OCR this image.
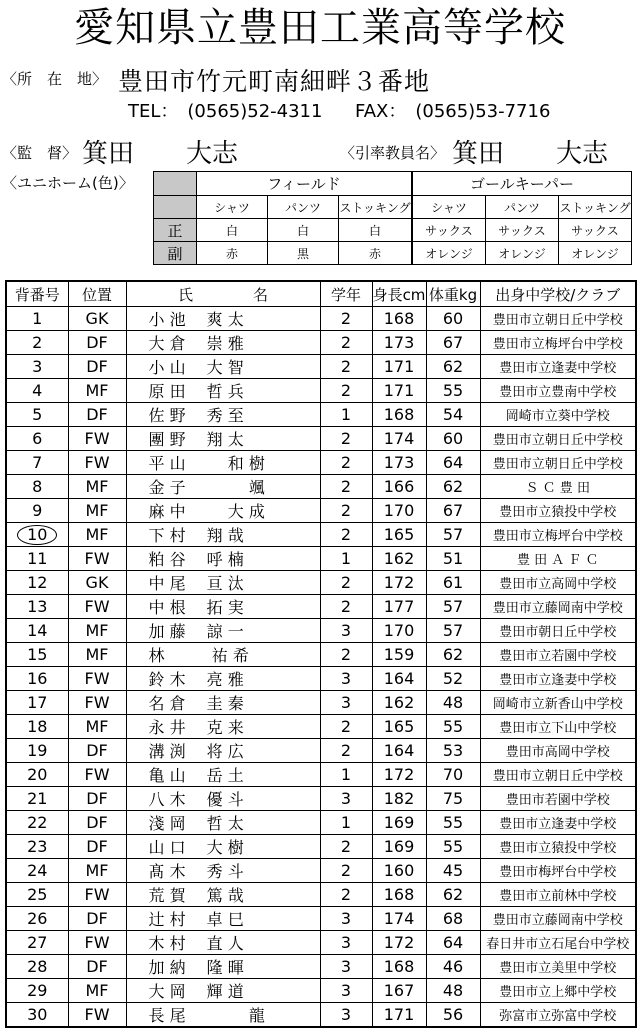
愛知県立豊田工業高等学校
〈所　在　地〉 豊田市竹元町南細畔３番地
TEL：　(0565)52-4311 FAX：　(0565)53-7716
〈監　督〉 箕田　　大志	〈引率教員名〉 箕田　　大志
〈ユニホーム(色)〉
		フィールド			ゴールキーパー		
	シャツ	パンツ	ストッキング	シャツ	パンツ	ストッキング
正	白	白	白	サックス	サックス	サックス
副	赤	黒	赤	オレンジ	オレンジ	オレンジ
背番号	位置	氏　　　　名	学年	身長cm	体重kg	出身中学校/クラブ
1	GK	小 池　 爽 太	2	168	60	豊田市立朝日丘中学校
2	DF	大 倉　 崇 雅	2	173	67	豊田市立梅坪台中学校
3	DF	小 山　 大 智	2	171	62	豊田市立逢妻中学校
4	MF	原 田　 哲 兵	2	171	55	豊田市立豊南中学校
5	DF	佐 野　 秀 至	1	168	54	岡崎市立葵中学校
6	FW	團 野　 翔 太	2	174	60	豊田市立朝日丘中学校
7	FW	平 山　 　 和 樹	2	173	64	豊田市立朝日丘中学校
8	MF	金 子　 　 　 颯	2	166	62	Ｓ Ｃ 豊 田
9	MF	麻 中　 　 大 成	2	170	67	豊田市立猿投中学校
10	MF	下 村　 翔 哉	2	165	57	豊田市立梅坪台中学校
11	FW	粕 谷　 呼 楠	1	162	51	豊 田 Ａ Ｆ Ｃ
12	GK	中 尾　 亘 汰	2	172	61	豊田市立高岡中学校
13	FW	中 根　 拓 実	2	177	57	豊田市立藤岡南中学校
14	MF	加 藤　 諒 一	3	170	57	豊田市朝日丘中学校
15	MF	林 　 　 祐 希	2	159	62	豊田市立若園中学校
16	FW	鈴 木　 亮 雅	3	164	52	豊田市立逢妻中学校
17	FW	名 倉　 圭 秦	3	162	48	岡崎市立新香山中学校
18	MF	永 井　 克 来	2	165	55	豊田市立下山中学校
19	DF	溝 渕　 将 広	2	164	53	豊田市高岡中学校
20	FW	亀 山　 岳 土	1	172	70	豊田市立朝日丘中学校
21	DF	八 木　 優 斗	3	182	75	豊田市若園中学校
22	DF	淺 岡　 哲 太	1	169	55	豊田市立逢妻中学校
23	DF	山 口　 大 樹	2	169	55	豊田市立猿投中学校
24	MF	髙 木　 秀 斗	2	160	45	豊田市梅坪台中学校
25	FW	荒 賀　 篤 哉	2	168	62	豊田市立前林中学校
26	DF	辻 村　 卓 巳	3	174	68	豊田市立藤岡南中学校
27	FW	木 村　 直 人	3	172	64	春日井市立石尾台中学校
28	DF	加 納　 隆 暉	3	168	46	豊田市立美里中学校
29	MF	大 岡　 輝 道	3	167	48	豊田市立上郷中学校
30	FW	長 尾　 　 　 龍	3	171	56	弥富市立弥富中学校
